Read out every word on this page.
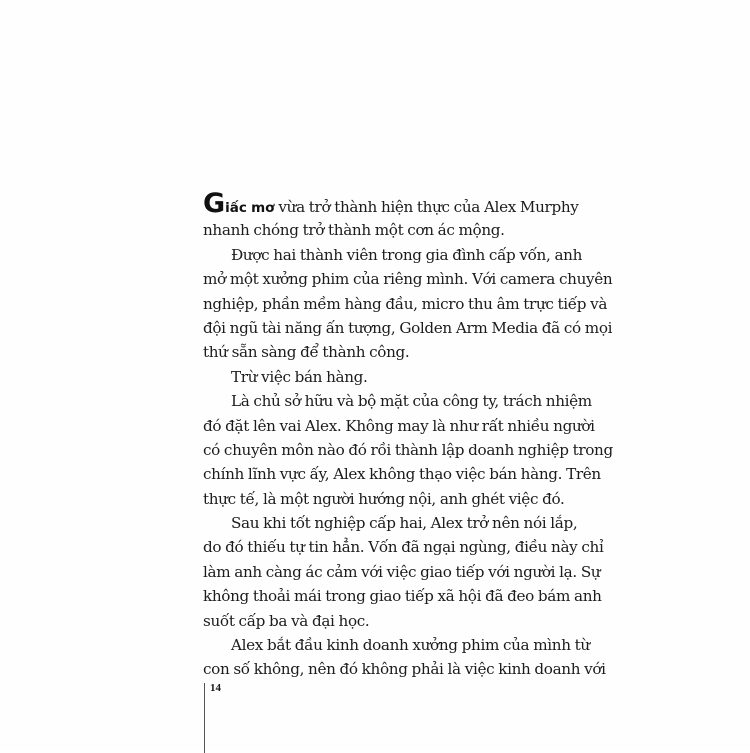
Giấc mơ vừa trở thành hiện thực của Alex Murphy
nhanh chóng trở thành một cơn ác mộng.
Được hai thành viên trong gia đình cấp vốn, anh
mở một xưởng phim của riêng mình. Với camera chuyên
nghiệp, phần mềm hàng đầu, micro thu âm trực tiếp và
đội ngũ tài năng ấn tượng, Golden Arm Media đã có mọi
thứ sẵn sàng để thành công.
Trừ việc bán hàng.
Là chủ sở hữu và bộ mặt của công ty, trách nhiệm
đó đặt lên vai Alex. Không may là như rất nhiều người
có chuyên môn nào đó rồi thành lập doanh nghiệp trong
chính lĩnh vực ấy, Alex không thạo việc bán hàng. Trên
thực tế, là một người hướng nội, anh ghét việc đó.
Sau khi tốt nghiệp cấp hai, Alex trở nên nói lắp,
do đó thiếu tự tin hẳn. Vốn đã ngại ngùng, điều này chỉ
làm anh càng ác cảm với việc giao tiếp với người lạ. Sự
không thoải mái trong giao tiếp xã hội đã đeo bám anh
suốt cấp ba và đại học.
Alex bắt đầu kinh doanh xưởng phim của mình từ
con số không, nên đó không phải là việc kinh doanh với
14
